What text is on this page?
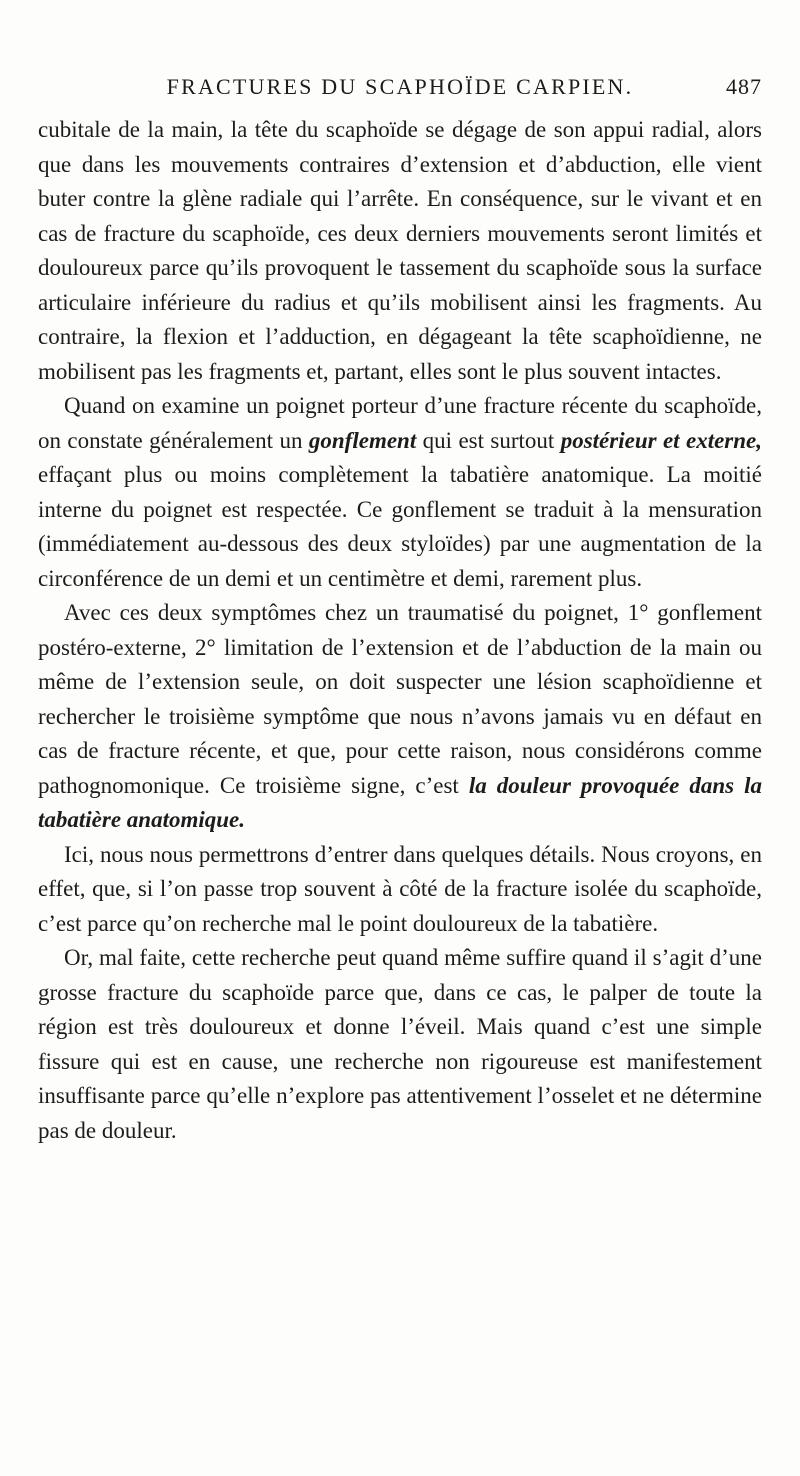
FRACTURES DU SCAPHOÏDE CARPIEN.	487

cubitale de la main, la tête du scaphoïde se dégage de son appui radial, alors que dans les mouvements contraires d’extension et d’abduction, elle vient buter contre la glène radiale qui l’arrête. En conséquence, sur le vivant et en cas de fracture du scaphoïde, ces deux derniers mouvements seront limités et douloureux parce qu’ils provoquent le tassement du scaphoïde sous la surface articulaire inférieure du radius et qu’ils mobilisent ainsi les fragments. Au contraire, la flexion et l’adduction, en dégageant la tête scaphoïdienne, ne mobilisent pas les fragments et, partant, elles sont le plus souvent intactes.

Quand on examine un poignet porteur d’une fracture récente du scaphoïde, on constate généralement un gonflement qui est surtout postérieur et externe, effaçant plus ou moins complètement la tabatière anatomique. La moitié interne du poignet est respectée. Ce gonflement se traduit à la mensuration (immédiatement au-dessous des deux styloïdes) par une augmentation de la circonférence de un demi et un centimètre et demi, rarement plus.

Avec ces deux symptômes chez un traumatisé du poignet, 1° gonflement postéro-externe, 2° limitation de l’extension et de l’abduction de la main ou même de l’extension seule, on doit suspecter une lésion scaphoïdienne et rechercher le troisième symptôme que nous n’avons jamais vu en défaut en cas de fracture récente, et que, pour cette raison, nous considérons comme pathognomonique. Ce troisième signe, c’est la douleur provoquée dans la tabatière anatomique.

Ici, nous nous permettrons d’entrer dans quelques détails. Nous croyons, en effet, que, si l’on passe trop souvent à côté de la fracture isolée du scaphoïde, c’est parce qu’on recherche mal le point douloureux de la tabatière.

Or, mal faite, cette recherche peut quand même suffire quand il s’agit d’une grosse fracture du scaphoïde parce que, dans ce cas, le palper de toute la région est très douloureux et donne l’éveil. Mais quand c’est une simple fissure qui est en cause, une recherche non rigoureuse est manifestement insuffisante parce qu’elle n’explore pas attentivement l’osselet et ne détermine pas de douleur.
